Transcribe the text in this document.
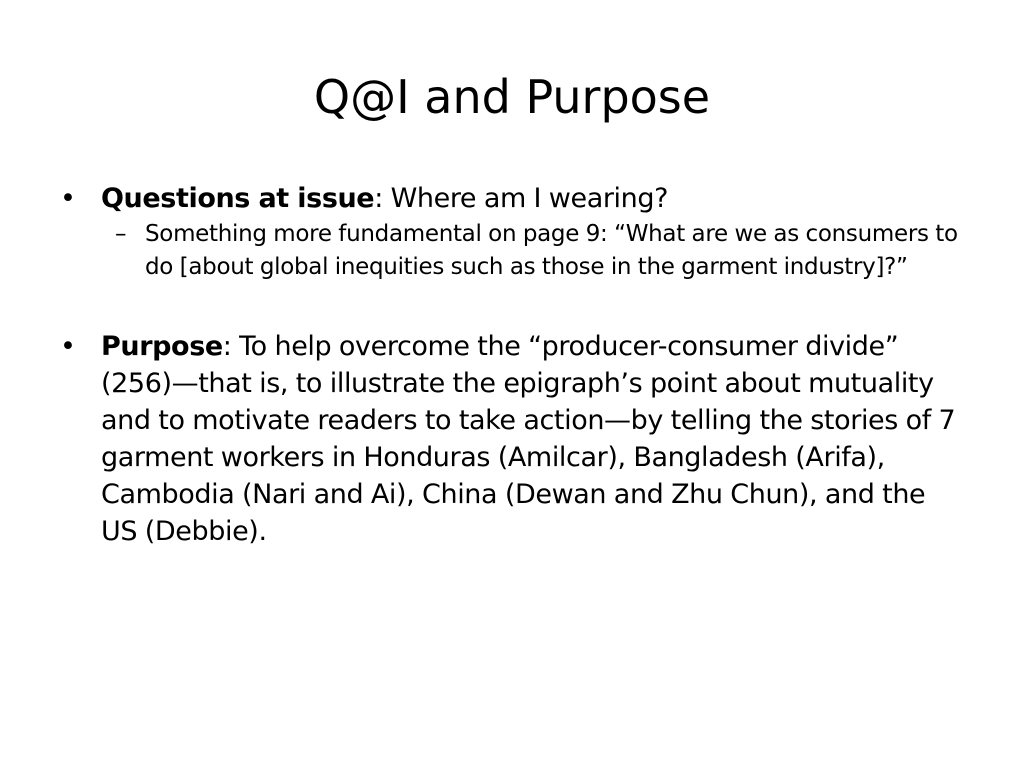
Q@I and Purpose
• Questions at issue: Where am I wearing?
– Something more fundamental on page 9: “What are we as consumers to do [about global inequities such as those in the garment industry]?”
• Purpose: To help overcome the “producer-consumer divide” (256)—that is, to illustrate the epigraph’s point about mutuality and to motivate readers to take action—by telling the stories of 7 garment workers in Honduras (Amilcar), Bangladesh (Arifa), Cambodia (Nari and Ai), China (Dewan and Zhu Chun), and the US (Debbie).
